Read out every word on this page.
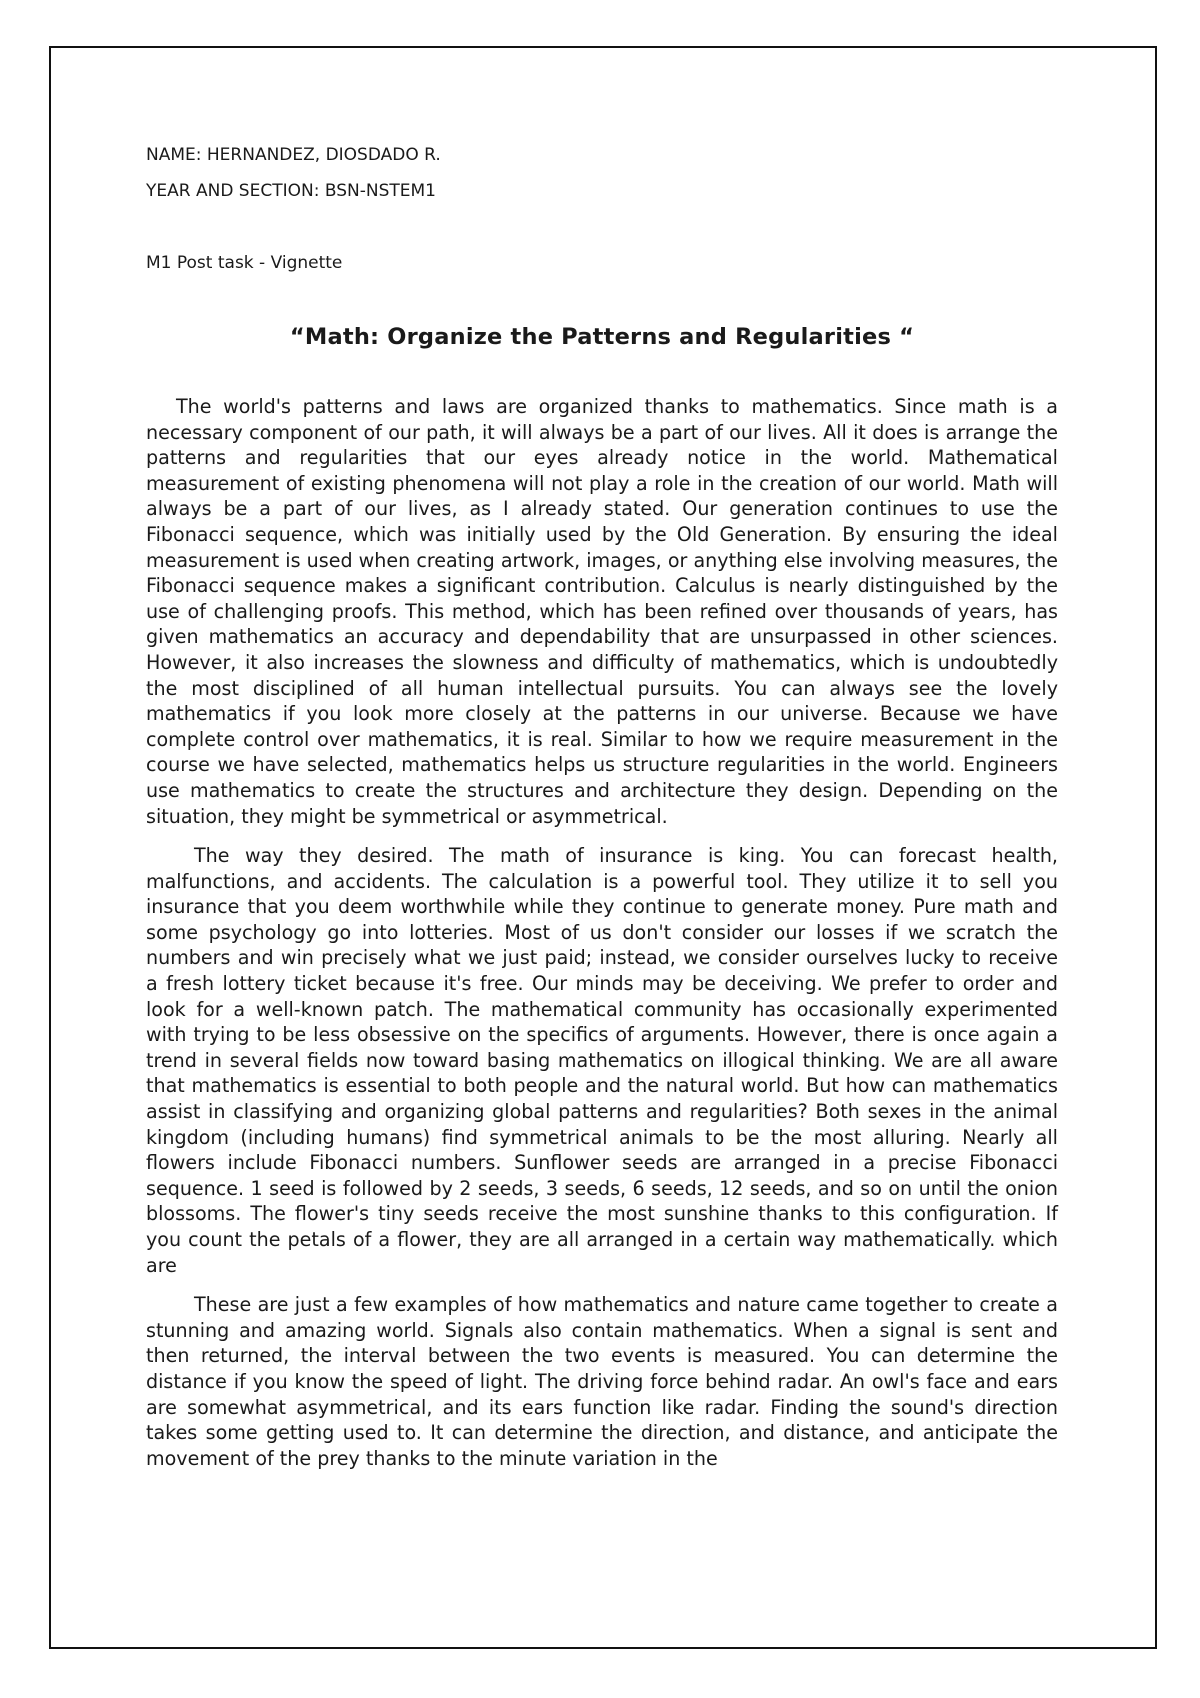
NAME: HERNANDEZ, DIOSDADO R.

YEAR AND SECTION: BSN-NSTEM1

M1 Post task - Vignette

“Math: Organize the Patterns and Regularities “

The world's patterns and laws are organized thanks to mathematics. Since math is a necessary component of our path, it will always be a part of our lives. All it does is arrange the patterns and regularities that our eyes already notice in the world. Mathematical measurement of existing phenomena will not play a role in the creation of our world. Math will always be a part of our lives, as I already stated. Our generation continues to use the Fibonacci sequence, which was initially used by the Old Generation. By ensuring the ideal measurement is used when creating artwork, images, or anything else involving measures, the Fibonacci sequence makes a significant contribution. Calculus is nearly distinguished by the use of challenging proofs. This method, which has been refined over thousands of years, has given mathematics an accuracy and dependability that are unsurpassed in other sciences. However, it also increases the slowness and difficulty of mathematics, which is undoubtedly the most disciplined of all human intellectual pursuits. You can always see the lovely mathematics if you look more closely at the patterns in our universe. Because we have complete control over mathematics, it is real. Similar to how we require measurement in the course we have selected, mathematics helps us structure regularities in the world. Engineers use mathematics to create the structures and architecture they design. Depending on the situation, they might be symmetrical or asymmetrical.

The way they desired. The math of insurance is king. You can forecast health, malfunctions, and accidents. The calculation is a powerful tool. They utilize it to sell you insurance that you deem worthwhile while they continue to generate money. Pure math and some psychology go into lotteries. Most of us don't consider our losses if we scratch the numbers and win precisely what we just paid; instead, we consider ourselves lucky to receive a fresh lottery ticket because it's free. Our minds may be deceiving. We prefer to order and look for a well-known patch. The mathematical community has occasionally experimented with trying to be less obsessive on the specifics of arguments. However, there is once again a trend in several fields now toward basing mathematics on illogical thinking. We are all aware that mathematics is essential to both people and the natural world. But how can mathematics assist in classifying and organizing global patterns and regularities? Both sexes in the animal kingdom (including humans) find symmetrical animals to be the most alluring. Nearly all flowers include Fibonacci numbers. Sunflower seeds are arranged in a precise Fibonacci sequence. 1 seed is followed by 2 seeds, 3 seeds, 6 seeds, 12 seeds, and so on until the onion blossoms. The flower's tiny seeds receive the most sunshine thanks to this configuration. If you count the petals of a flower, they are all arranged in a certain way mathematically. which are

These are just a few examples of how mathematics and nature came together to create a stunning and amazing world. Signals also contain mathematics. When a signal is sent and then returned, the interval between the two events is measured. You can determine the distance if you know the speed of light. The driving force behind radar. An owl's face and ears are somewhat asymmetrical, and its ears function like radar. Finding the sound's direction takes some getting used to. It can determine the direction, and distance, and anticipate the movement of the prey thanks to the minute variation in the
